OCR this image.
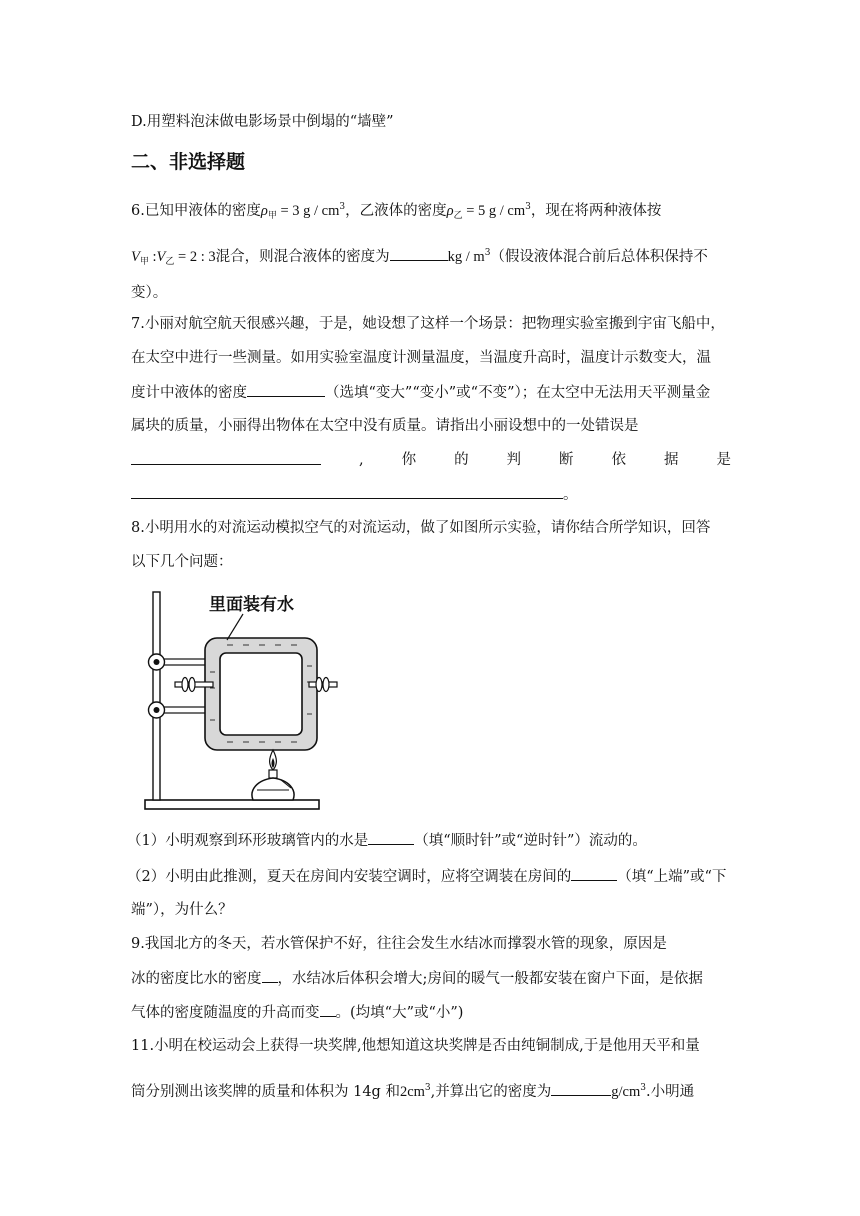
D.用塑料泡沫做电影场景中倒塌的“墙壁”
二、非选择题
6.已知甲液体的密度$\rho_甲 = 3$ g / $cm^3$，乙液体的密度$\rho_乙 = 5$ g / $cm^3$，现在将两种液体按
$V_甲$ $:V_乙 = 2$ : 3混合，则混合液体的密度为	kg / $m^3$（假设液体混合前后总体积保持不
变）。
7.小丽对航空航天很感兴趣，于是，她设想了这样一个场景：把物理实验室搬到宇宙飞船中，
在太空中进行一些测量。如用实验室温度计测量温度，当温度升高时，温度计示数变大，温
度计中液体的密度	（选填“变大”“变小”或“不变”）；在太空中无法用天平测量金
属块的质量，小丽得出物体在太空中没有质量。请指出小丽设想中的一处错误是
,	你	的	判	断	依	据	是
。
8.小明用水的对流运动模拟空气的对流运动，做了如图所示实验，请你结合所学知识，回答
以下几个问题：
里面装有水
（1）小明观察到环形玻璃管内的水是	（填“顺时针”或“逆时针”）流动的。
（2）小明由此推测，夏天在房间内安装空调时，应将空调装在房间的	（填“上端”或“下
端”），为什么？
9.我国北方的冬天，若水管保护不好，往往会发生水结冰而撑裂水管的现象，原因是
冰的密度比水的密度 ，水结冰后体积会增大;房间的暖气一般都安装在窗户下面，是依据
气体的密度随温度的升高而变 。(均填“大”或“小”)
11.小明在校运动会上获得一块奖牌,他想知道这块奖牌是否由纯铜制成,于是他用天平和量
筒分别测出该奖牌的质量和体积为 14g 和$2cm^3$,并算出它的密度为	$g/cm^3$.小明通
